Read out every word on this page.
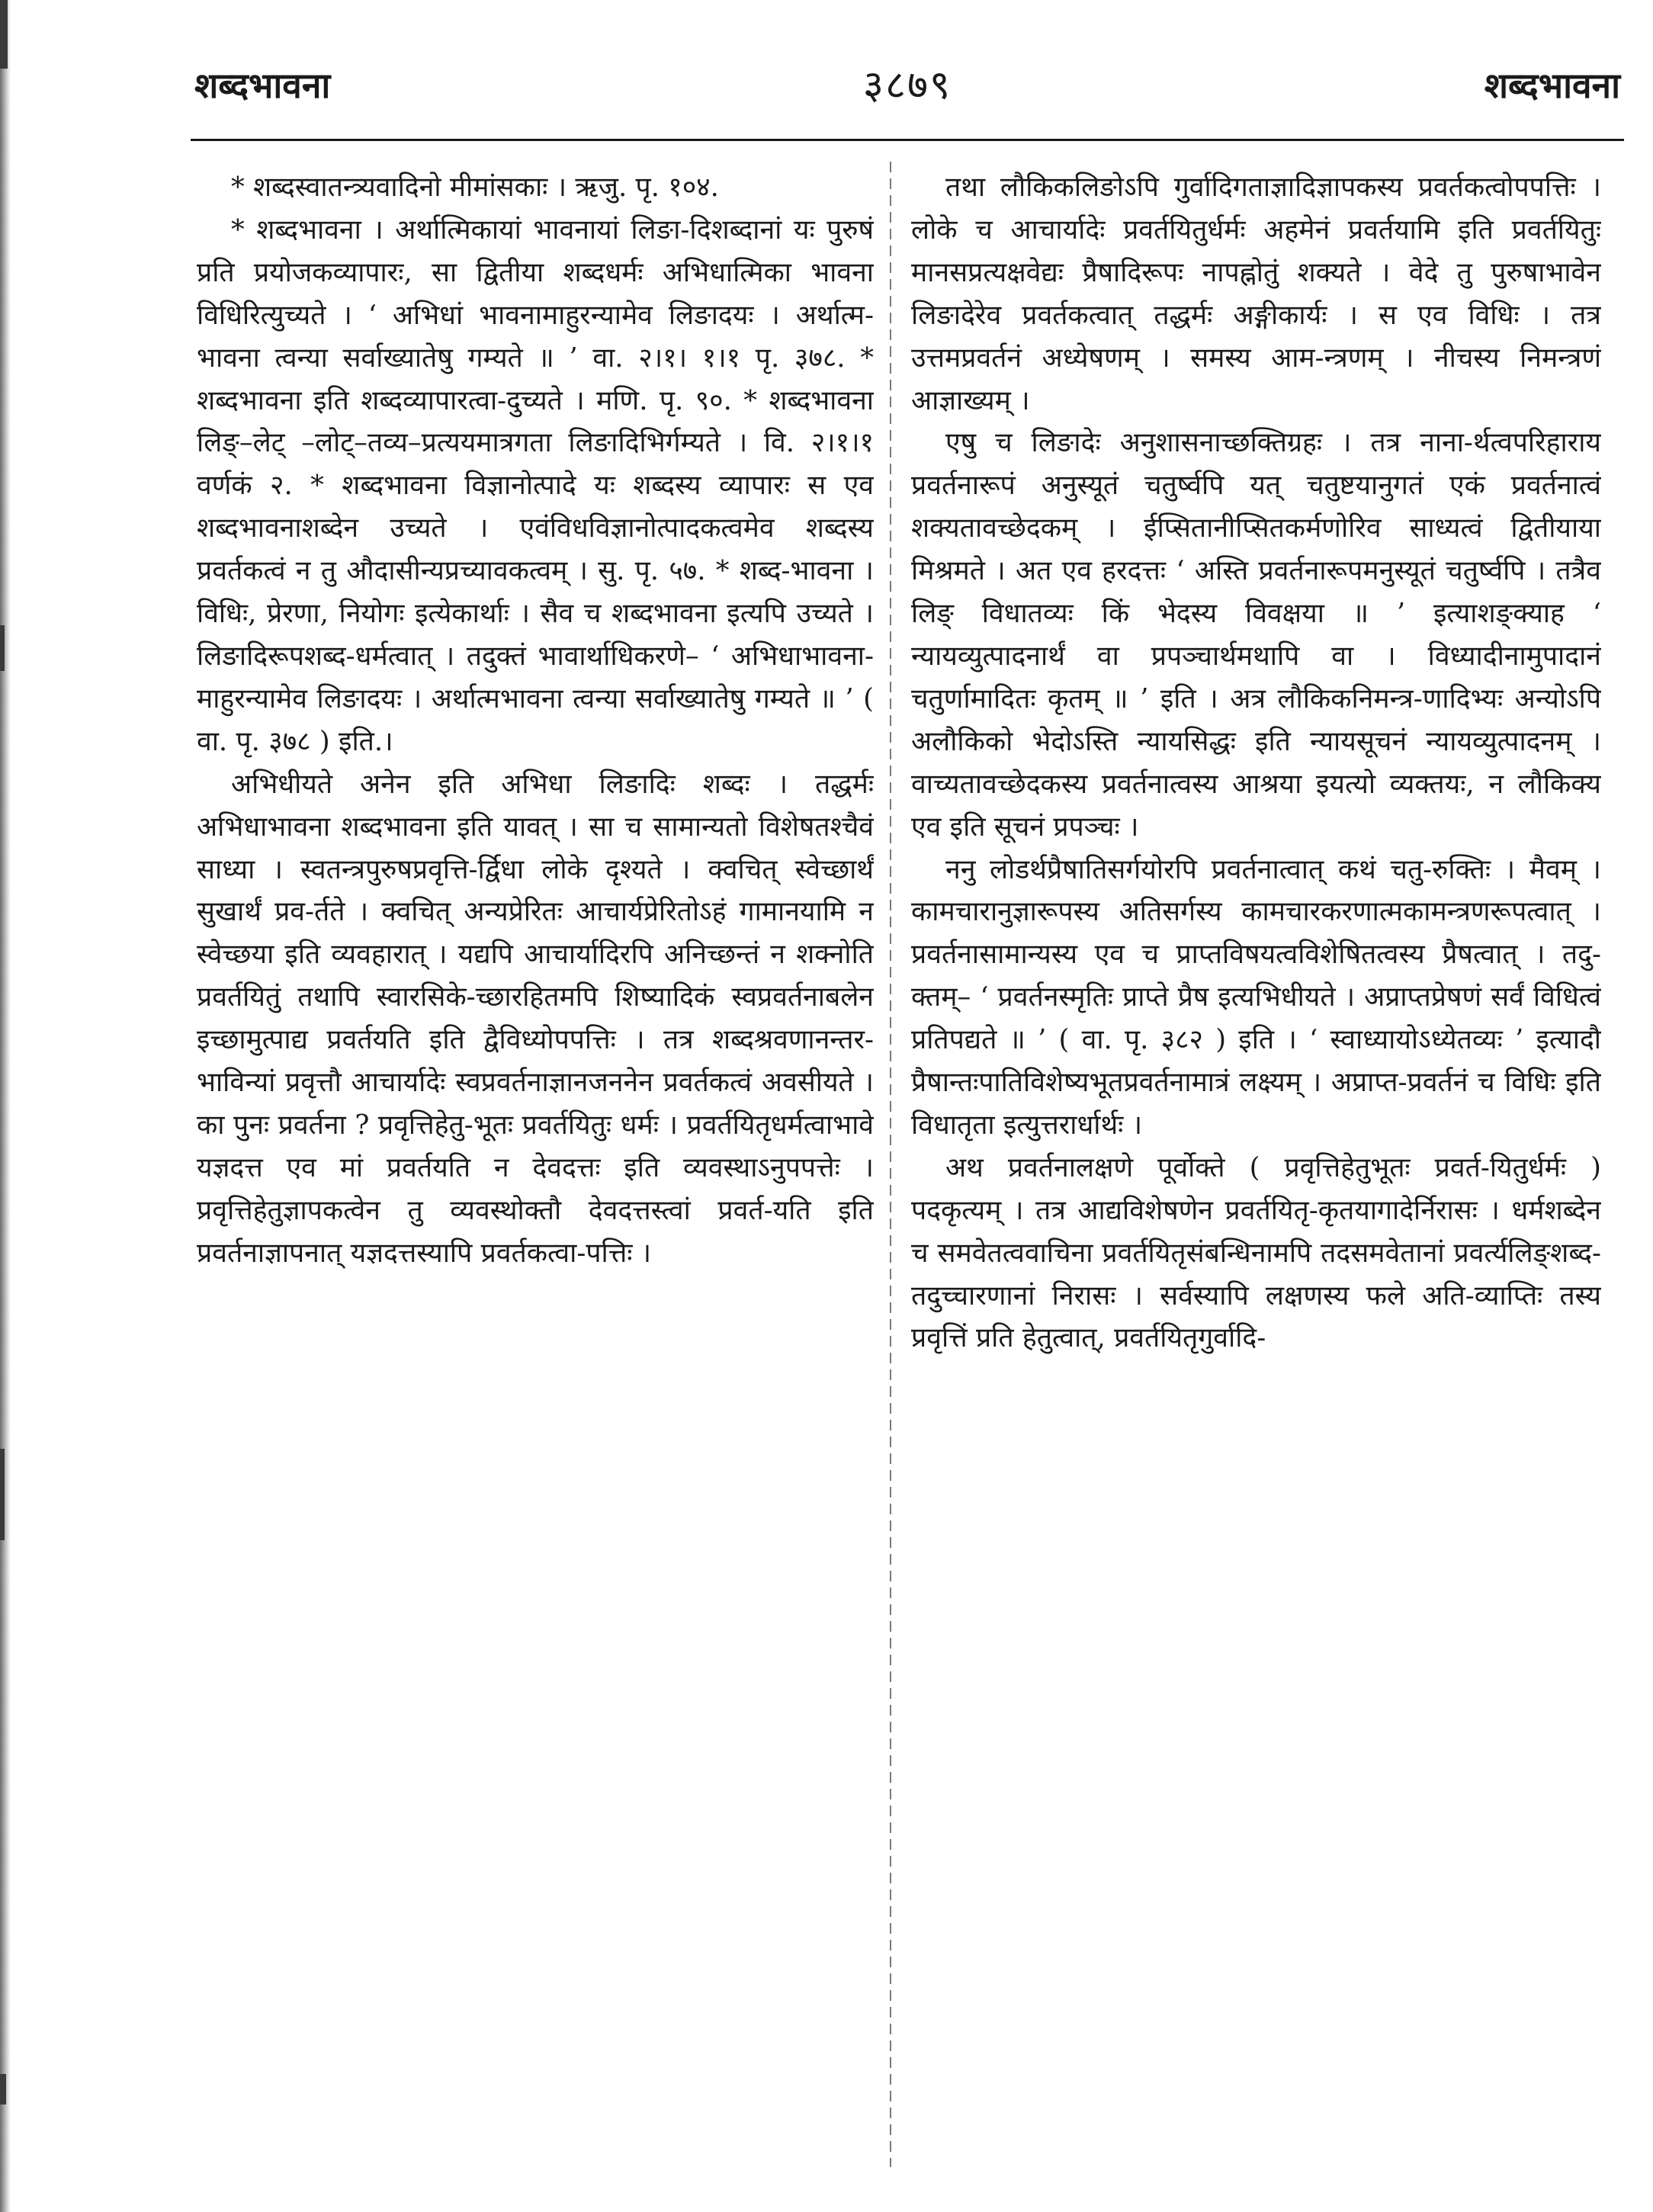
शब्दभावना	३८७९	शब्दभावना

* शब्दस्वातन्त्र्यवादिनो मीमांसकाः । ऋजु. पृ. १०४.

* शब्दभावना । अर्थात्मिकायां भावनायां लिङा-दिशब्दानां यः पुरुषं प्रति प्रयोजकव्यापारः, सा द्वितीया शब्दधर्मः अभिधात्मिका भावना विधिरित्युच्यते । ‘ अभिधां भावनामाहुरन्यामेव लिङादयः । अर्थात्म-भावना त्वन्या सर्वाख्यातेषु गम्यते ॥ ’ वा. २।१। १।१ पृ. ३७८. * शब्दभावना इति शब्दव्यापारत्वा-दुच्यते । मणि. पृ. ९०. * शब्दभावना लिङ्–लेट् –लोट्–तव्य–प्रत्ययमात्रगता लिङादिभिर्गम्यते । वि. २।१।१ वर्णकं २. * शब्दभावना विज्ञानोत्पादे यः शब्दस्य व्यापारः स एव शब्दभावनाशब्देन उच्यते । एवंविधविज्ञानोत्पादकत्वमेव शब्दस्य प्रवर्तकत्वं न तु औदासीन्यप्रच्यावकत्वम् । सु. पृ. ५७. * शब्द-भावना । विधिः, प्रेरणा, नियोगः इत्येकार्थाः । सैव च शब्दभावना इत्यपि उच्यते । लिङादिरूपशब्द-धर्मत्वात् । तदुक्तं भावार्थाधिकरणे– ‘ अभिधाभावना-माहुरन्यामेव लिङादयः । अर्थात्मभावना त्वन्या सर्वाख्यातेषु गम्यते ॥ ’ ( वा. पृ. ३७८ ) इति.।

अभिधीयते अनेन इति अभिधा लिङादिः शब्दः । तद्धर्मः अभिधाभावना शब्दभावना इति यावत् । सा च सामान्यतो विशेषतश्चैवं साध्या । स्वतन्त्रपुरुषप्रवृत्ति-र्द्विधा लोके दृश्यते । क्वचित् स्वेच्छार्थं सुखार्थं प्रव-र्तते । क्वचित् अन्यप्रेरितः आचार्यप्रेरितोऽहं गामानयामि न स्वेच्छया इति व्यवहारात् । यद्यपि आचार्यादिरपि अनिच्छन्तं न शक्नोति प्रवर्तयितुं तथापि स्वारसिके-च्छारहितमपि शिष्यादिकं स्वप्रवर्तनाबलेन इच्छामुत्पाद्य प्रवर्तयति इति द्वैविध्योपपत्तिः । तत्र शब्दश्रवणानन्तर-भाविन्यां प्रवृत्तौ आचार्यादेः स्वप्रवर्तनाज्ञानजननेन प्रवर्तकत्वं अवसीयते । का पुनः प्रवर्तना ? प्रवृत्तिहेतु-भूतः प्रवर्तयितुः धर्मः । प्रवर्तयितृधर्मत्वाभावे यज्ञदत्त एव मां प्रवर्तयति न देवदत्तः इति व्यवस्थाऽनुपपत्तेः । प्रवृत्तिहेतुज्ञापकत्वेन तु व्यवस्थोक्तौ देवदत्तस्त्वां प्रवर्त-यति इति प्रवर्तनाज्ञापनात् यज्ञदत्तस्यापि प्रवर्तकत्वा-पत्तिः ।

तथा लौकिकलिङोऽपि गुर्वादिगताज्ञादिज्ञापकस्य प्रवर्तकत्वोपपत्तिः । लोके च आचार्यादेः प्रवर्तयितुर्धर्मः अहमेनं प्रवर्तयामि इति प्रवर्तयितुः मानसप्रत्यक्षवेद्यः प्रैषादिरूपः नापह्नोतुं शक्यते । वेदे तु पुरुषाभावेन लिङादेरेव प्रवर्तकत्वात् तद्धर्मः अङ्गीकार्यः । स एव विधिः । तत्र उत्तमप्रवर्तनं अध्येषणम् । समस्य आम-न्त्रणम् । नीचस्य निमन्त्रणं आज्ञाख्यम् ।

एषु च लिङादेः अनुशासनाच्छक्तिग्रहः । तत्र नाना-र्थत्वपरिहाराय प्रवर्तनारूपं अनुस्यूतं चतुर्ष्वपि यत् चतुष्टयानुगतं एकं प्रवर्तनात्वं शक्यतावच्छेदकम् । ईप्सितानीप्सितकर्मणोरिव साध्यत्वं द्वितीयाया मिश्रमते । अत एव हरदत्तः ‘ अस्ति प्रवर्तनारूपमनुस्यूतं चतुर्ष्वपि । तत्रैव लिङ् विधातव्यः किं भेदस्य विवक्षया ॥ ’ इत्याशङ्क्याह ‘ न्यायव्युत्पादनार्थं वा प्रपञ्चार्थमथापि वा । विध्यादीनामुपादानं चतुर्णामादितः कृतम् ॥ ’ इति । अत्र लौकिकनिमन्त्र-णादिभ्यः अन्योऽपि अलौकिको भेदोऽस्ति न्यायसिद्धः इति न्यायसूचनं न्यायव्युत्पादनम् । वाच्यतावच्छेदकस्य प्रवर्तनात्वस्य आश्रया इयत्यो व्यक्तयः, न लौकिक्य एव इति सूचनं प्रपञ्चः ।

ननु लोडर्थप्रैषातिसर्गयोरपि प्रवर्तनात्वात् कथं चतु-रुक्तिः । मैवम् । कामचारानुज्ञारूपस्य अतिसर्गस्य कामचारकरणात्मकामन्त्रणरूपत्वात् । प्रवर्तनासामान्यस्य एव च प्राप्तविषयत्वविशेषितत्वस्य प्रैषत्वात् । तदु-क्तम्– ‘ प्रवर्तनस्मृतिः प्राप्ते प्रैष इत्यभिधीयते । अप्राप्तप्रेषणं सर्वं विधित्वं प्रतिपद्यते ॥ ’ ( वा. पृ. ३८२ ) इति । ‘ स्वाध्यायोऽध्येतव्यः ’ इत्यादौ प्रैषान्तःपातिविशेष्यभूतप्रवर्तनामात्रं लक्ष्यम् । अप्राप्त-प्रवर्तनं च विधिः इति विधातृता इत्युत्तरार्धार्थः ।

अथ प्रवर्तनालक्षणे पूर्वोक्ते ( प्रवृत्तिहेतुभूतः प्रवर्त-यितुर्धर्मः ) पदकृत्यम् । तत्र आद्यविशेषणेन प्रवर्तयितृ-कृतयागादेर्निरासः । धर्मशब्देन च समवेतत्ववाचिना प्रवर्तयितृसंबन्धिनामपि तदसमवेतानां प्रवर्त्यलिङ्शब्द-तदुच्चारणानां निरासः । सर्वस्यापि लक्षणस्य फले अति-व्याप्तिः तस्य प्रवृत्तिं प्रति हेतुत्वात्, प्रवर्तयितृगुर्वादि-
